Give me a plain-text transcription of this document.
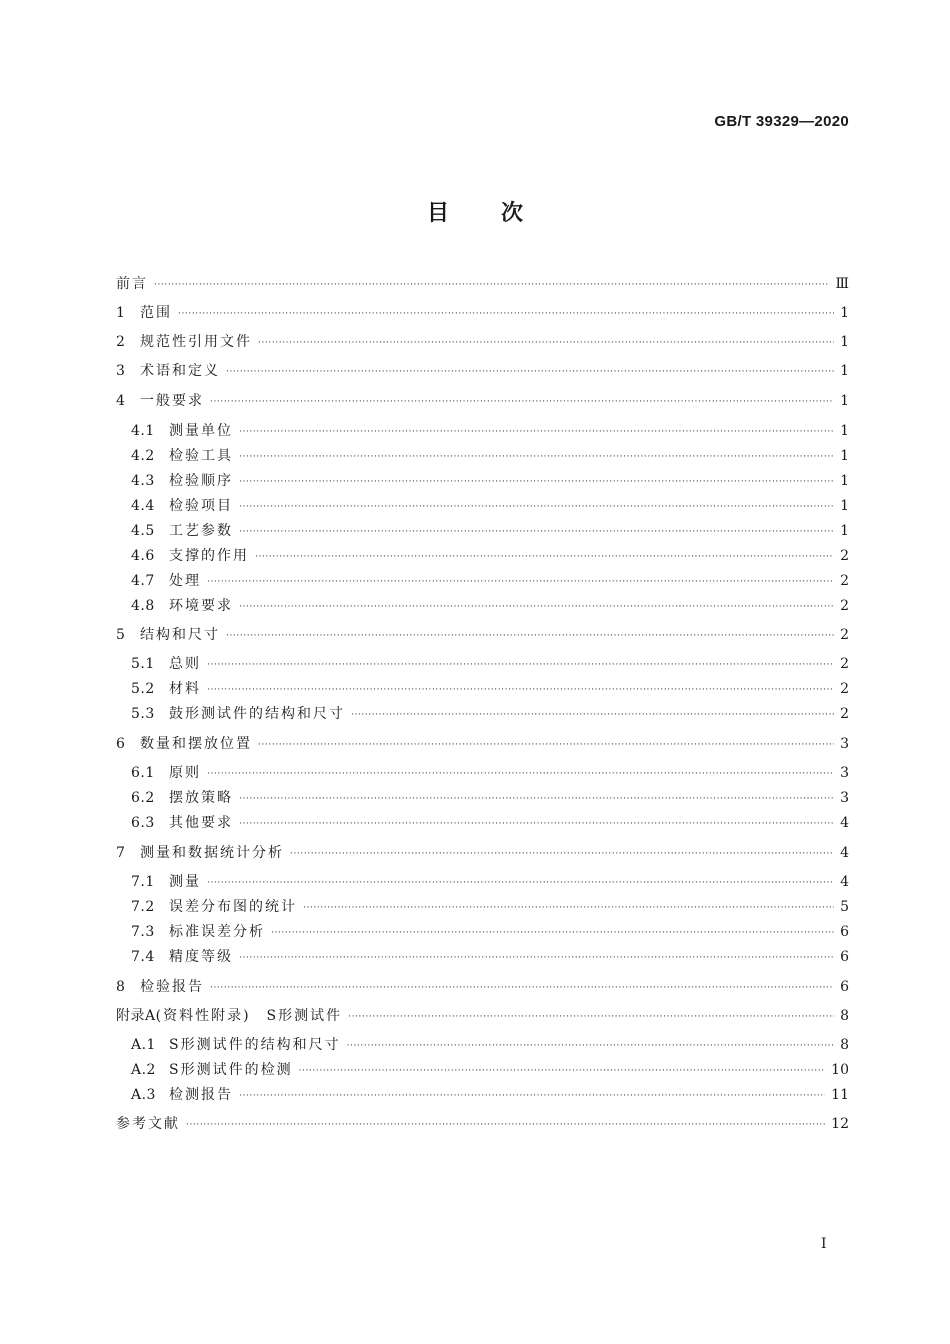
GB/T 39329—2020
目次
前言 ·····	Ⅲ
1	范围 ·····	1
2	规范性引用文件 ·····	1
3	术语和定义 ·····	1
4	一般要求 ·····	1
4.1	测量单位 ·····	1
4.2	检验工具 ·····	1
4.3	检验顺序 ·····	1
4.4	检验项目 ·····	1
4.5	工艺参数 ·····	1
4.6	支撑的作用 ·····	2
4.7	处理 ·····	2
4.8	环境要求 ·····	2
5	结构和尺寸 ·····	2
5.1	总则 ·····	2
5.2	材料 ·····	2
5.3	鼓形测试件的结构和尺寸 ·····	2
6	数量和摆放位置 ·····	3
6.1	原则 ·····	3
6.2	摆放策略 ·····	3
6.3	其他要求 ·····	4
7	测量和数据统计分析 ·····	4
7.1	测量 ·····	4
7.2	误差分布图的统计 ·····	5
7.3	标准误差分析 ·····	6
7.4	精度等级 ·····	6
8	检验报告 ·····	6
附录A (资料性附录)　S形测试件 ·····	8
A.1 S形测试件的结构和尺寸 ·····	8
A.2 S形测试件的检测 ·····	10
A.3 检测报告 ·····	11
参考文献 ·····	12
I
